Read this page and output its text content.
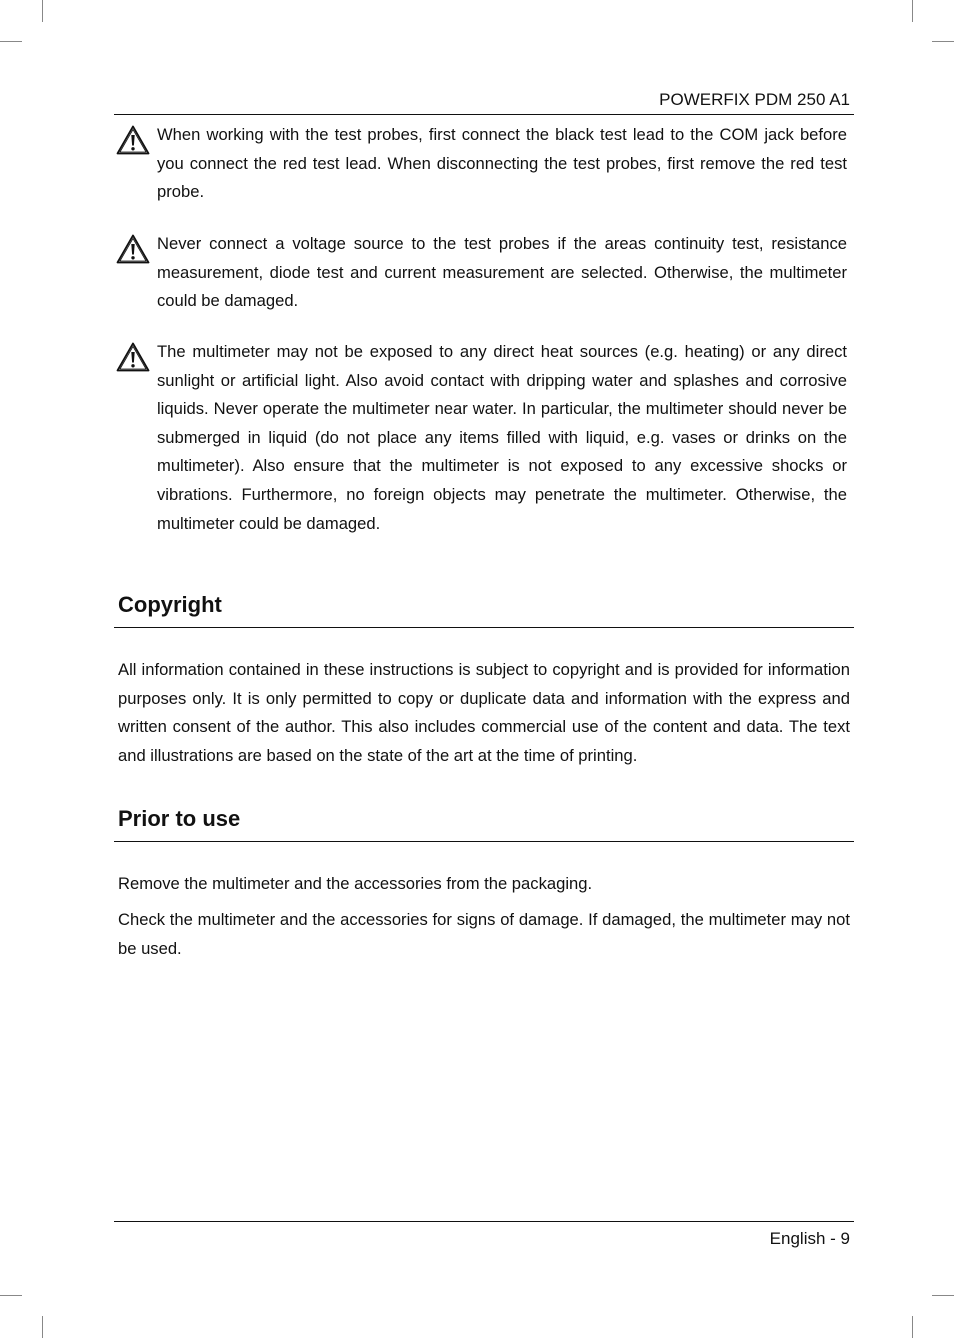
POWERFIX PDM 250 A1
When working with the test probes, first connect the black test lead to the COM jack before you connect the red test lead. When disconnecting the test probes, first remove the red test probe.
Never connect a voltage source to the test probes if the areas continuity test, resistance measurement, diode test and current measurement are selected. Otherwise, the multimeter could be damaged.
The multimeter may not be exposed to any direct heat sources (e.g. heating) or any direct sunlight or artificial light. Also avoid contact with dripping water and splashes and corrosive liquids. Never operate the multimeter near water. In particular, the multimeter should never be submerged in liquid (do not place any items filled with liquid, e.g. vases or drinks on the multimeter). Also ensure that the multimeter is not exposed to any excessive shocks or vibrations. Furthermore, no foreign objects may penetrate the multimeter. Otherwise, the multimeter could be damaged.
Copyright
All information contained in these instructions is subject to copyright and is provided for information purposes only. It is only permitted to copy or duplicate data and information with the express and written consent of the author. This also includes commercial use of the content and data. The text and illustrations are based on the state of the art at the time of printing.
Prior to use
Remove the multimeter and the accessories from the packaging.
Check the multimeter and the accessories for signs of damage. If damaged, the multimeter may not be used.
English - 9
